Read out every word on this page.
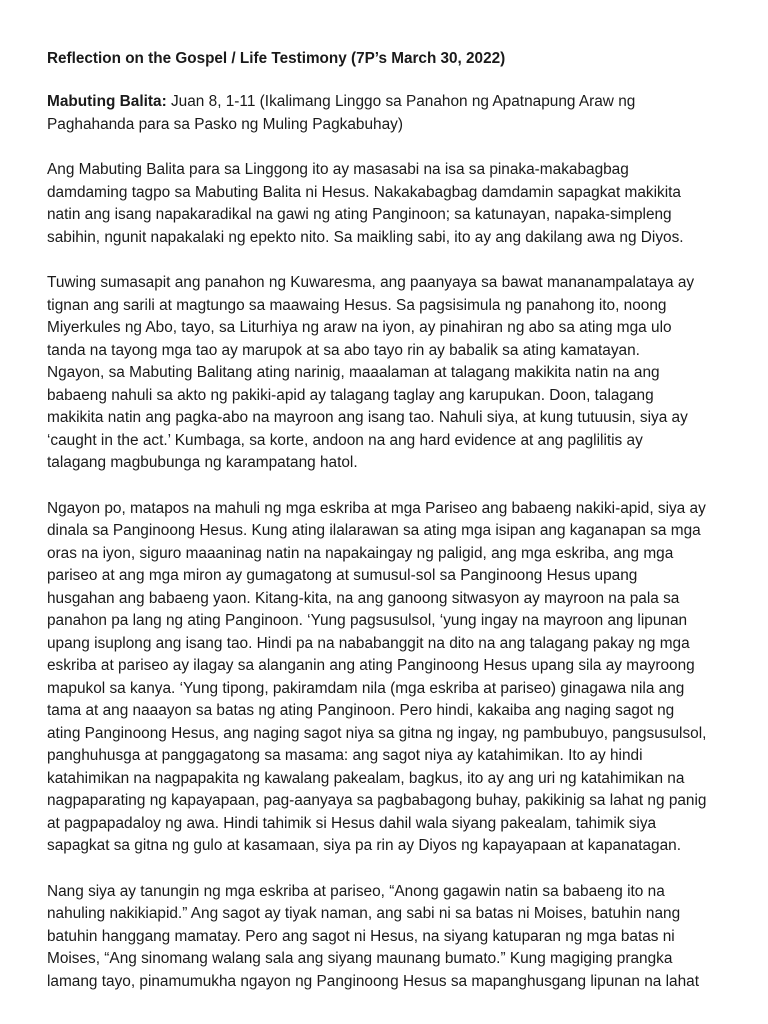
Reflection on the Gospel / Life Testimony (7P’s March 30, 2022)
Mabuting Balita: Juan 8, 1-11 (Ikalimang Linggo sa Panahon ng Apatnapung Araw ng
Paghahanda para sa Pasko ng Muling Pagkabuhay)
Ang Mabuting Balita para sa Linggong ito ay masasabi na isa sa pinaka-makabagbag
damdaming tagpo sa Mabuting Balita ni Hesus. Nakakabagbag damdamin sapagkat makikita
natin ang isang napakaradikal na gawi ng ating Panginoon; sa katunayan, napaka-simpleng
sabihin, ngunit napakalaki ng epekto nito. Sa maikling sabi, ito ay ang dakilang awa ng Diyos.
Tuwing sumasapit ang panahon ng Kuwaresma, ang paanyaya sa bawat mananampalataya ay
tignan ang sarili at magtungo sa maawaing Hesus. Sa pagsisimula ng panahong ito, noong
Miyerkules ng Abo, tayo, sa Liturhiya ng araw na iyon, ay pinahiran ng abo sa ating mga ulo
tanda na tayong mga tao ay marupok at sa abo tayo rin ay babalik sa ating kamatayan.
Ngayon, sa Mabuting Balitang ating narinig, maaalaman at talagang makikita natin na ang
babaeng nahuli sa akto ng pakiki-apid ay talagang taglay ang karupukan. Doon, talagang
makikita natin ang pagka-abo na mayroon ang isang tao. Nahuli siya, at kung tutuusin, siya ay
‘caught in the act.’ Kumbaga, sa korte, andoon na ang hard evidence at ang paglilitis ay
talagang magbubunga ng karampatang hatol.
Ngayon po, matapos na mahuli ng mga eskriba at mga Pariseo ang babaeng nakiki-apid, siya ay
dinala sa Panginoong Hesus. Kung ating ilalarawan sa ating mga isipan ang kaganapan sa mga
oras na iyon, siguro maaaninag natin na napakaingay ng paligid, ang mga eskriba, ang mga
pariseo at ang mga miron ay gumagatong at sumusul-sol sa Panginoong Hesus upang
husgahan ang babaeng yaon. Kitang-kita, na ang ganoong sitwasyon ay mayroon na pala sa
panahon pa lang ng ating Panginoon. ‘Yung pagsusulsol, ‘yung ingay na mayroon ang lipunan
upang isuplong ang isang tao. Hindi pa na nababanggit na dito na ang talagang pakay ng mga
eskriba at pariseo ay ilagay sa alanganin ang ating Panginoong Hesus upang sila ay mayroong
mapukol sa kanya. ‘Yung tipong, pakiramdam nila (mga eskriba at pariseo) ginagawa nila ang
tama at ang naaayon sa batas ng ating Panginoon. Pero hindi, kakaiba ang naging sagot ng
ating Panginoong Hesus, ang naging sagot niya sa gitna ng ingay, ng pambubuyo, pangsusulsol,
panghuhusga at panggagatong sa masama: ang sagot niya ay katahimikan. Ito ay hindi
katahimikan na nagpapakita ng kawalang pakealam, bagkus, ito ay ang uri ng katahimikan na
nagpaparating ng kapayapaan, pag-aanyaya sa pagbabagong buhay, pakikinig sa lahat ng panig
at pagpapadaloy ng awa. Hindi tahimik si Hesus dahil wala siyang pakealam, tahimik siya
sapagkat sa gitna ng gulo at kasamaan, siya pa rin ay Diyos ng kapayapaan at kapanatagan.
Nang siya ay tanungin ng mga eskriba at pariseo, “Anong gagawin natin sa babaeng ito na
nahuling nakikiapid.” Ang sagot ay tiyak naman, ang sabi ni sa batas ni Moises, batuhin nang
batuhin hanggang mamatay. Pero ang sagot ni Hesus, na siyang katuparan ng mga batas ni
Moises, “Ang sinomang walang sala ang siyang maunang bumato.” Kung magiging prangka
lamang tayo, pinamumukha ngayon ng Panginoong Hesus sa mapanghusgang lipunan na lahat
